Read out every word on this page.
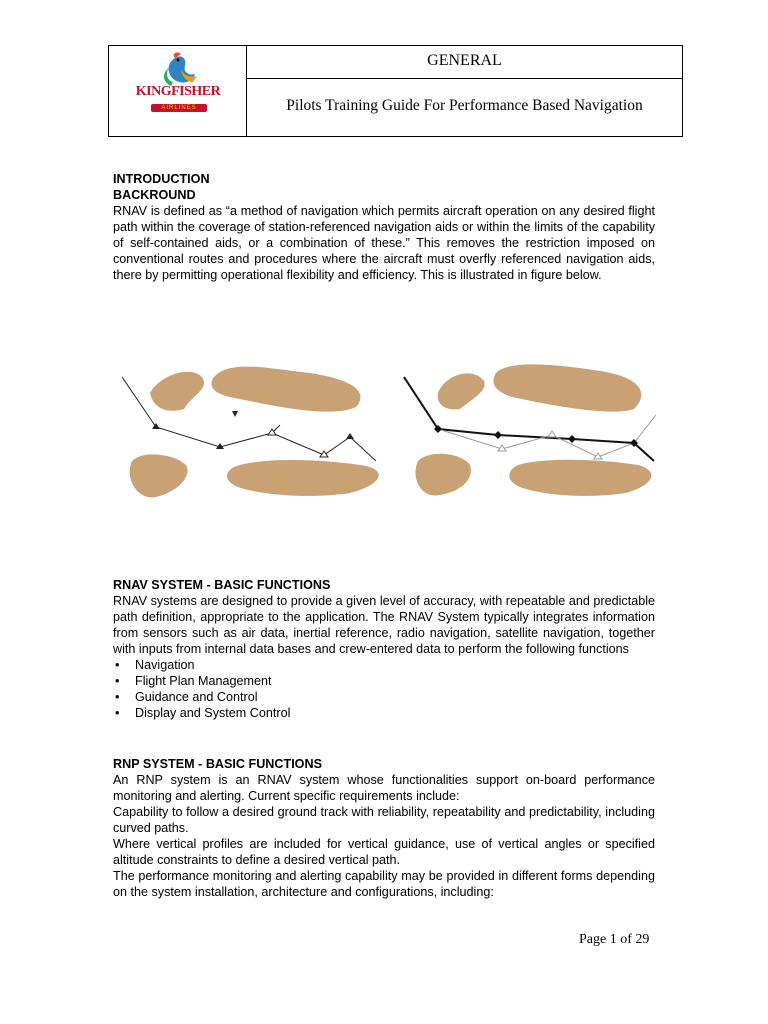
KINGFISHER
AIRLINES
GENERAL
Pilots Training Guide For Performance Based Navigation
INTRODUCTION
BACKROUND
RNAV is defined as “a method of navigation which permits aircraft operation on any desired flight path within the coverage of station-referenced navigation aids or within the limits of the capability of self-contained aids, or a combination of these.” This removes the restriction imposed on conventional routes and procedures where the aircraft must overfly referenced navigation aids, there by permitting operational flexibility and efficiency. This is illustrated in figure below.
RNAV SYSTEM - BASIC FUNCTIONS
RNAV systems are designed to provide a given level of accuracy, with repeatable and predictable path definition, appropriate to the application. The RNAV System typically integrates information from sensors such as air data, inertial reference, radio navigation, satellite navigation, together with inputs from internal data bases and crew-entered data to perform the following functions
• Navigation
• Flight Plan Management
• Guidance and Control
• Display and System Control
RNP SYSTEM - BASIC FUNCTIONS
An RNP system is an RNAV system whose functionalities support on-board performance monitoring and alerting. Current specific requirements include:
Capability to follow a desired ground track with reliability, repeatability and predictability, including curved paths.
Where vertical profiles are included for vertical guidance, use of vertical angles or specified altitude constraints to define a desired vertical path.
The performance monitoring and alerting capability may be provided in different forms depending on the system installation, architecture and configurations, including:
Page 1 of 29
